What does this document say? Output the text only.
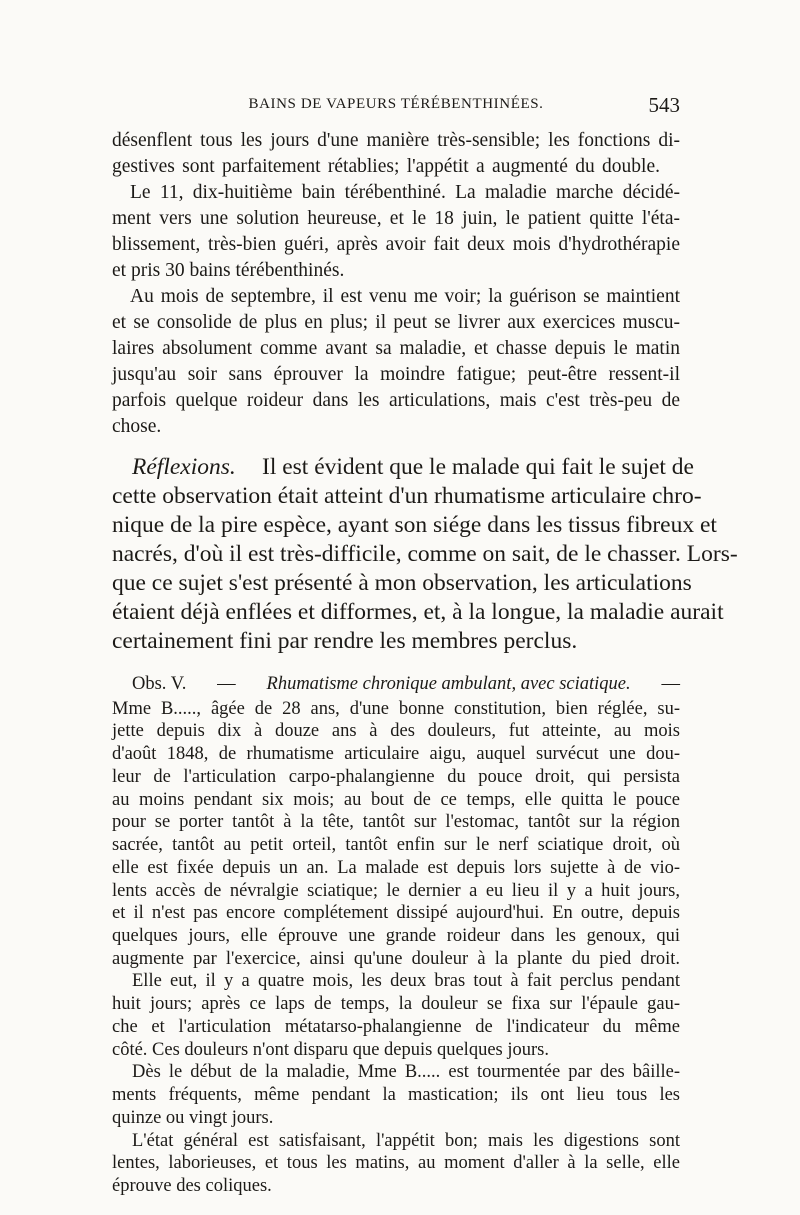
BAINS DE VAPEURS TÉRÉBENTHINÉES.	543
désenflent tous les jours d'une manière très-sensible; les fonctions di-
gestives sont parfaitement rétablies; l'appétit a augmenté du double.
Le 11, dix-huitième bain térébenthiné. La maladie marche décidé-
ment vers une solution heureuse, et le 18 juin, le patient quitte l'éta-
blissement, très-bien guéri, après avoir fait deux mois d'hydrothérapie
et pris 30 bains térébenthinés.
Au mois de septembre, il est venu me voir; la guérison se maintient
et se consolide de plus en plus; il peut se livrer aux exercices muscu-
laires absolument comme avant sa maladie, et chasse depuis le matin
jusqu'au soir sans éprouver la moindre fatigue; peut-être ressent-il
parfois quelque roideur dans les articulations, mais c'est très-peu de
chose.
Réflexions. Il est évident que le malade qui fait le sujet de
cette observation était atteint d'un rhumatisme articulaire chro-
nique de la pire espèce, ayant son siége dans les tissus fibreux et
nacrés, d'où il est très-difficile, comme on sait, de le chasser. Lors-
que ce sujet s'est présenté à mon observation, les articulations
étaient déjà enflées et difformes, et, à la longue, la maladie aurait
certainement fini par rendre les membres perclus.
Obs. V. — Rhumatisme chronique ambulant, avec sciatique. —
Mme B....., âgée de 28 ans, d'une bonne constitution, bien réglée, su-
jette depuis dix à douze ans à des douleurs, fut atteinte, au mois
d'août 1848, de rhumatisme articulaire aigu, auquel survécut une dou-
leur de l'articulation carpo-phalangienne du pouce droit, qui persista
au moins pendant six mois; au bout de ce temps, elle quitta le pouce
pour se porter tantôt à la tête, tantôt sur l'estomac, tantôt sur la région
sacrée, tantôt au petit orteil, tantôt enfin sur le nerf sciatique droit, où
elle est fixée depuis un an. La malade est depuis lors sujette à de vio-
lents accès de névralgie sciatique; le dernier a eu lieu il y a huit jours,
et il n'est pas encore complétement dissipé aujourd'hui. En outre, depuis
quelques jours, elle éprouve une grande roideur dans les genoux, qui
augmente par l'exercice, ainsi qu'une douleur à la plante du pied droit.
Elle eut, il y a quatre mois, les deux bras tout à fait perclus pendant
huit jours; après ce laps de temps, la douleur se fixa sur l'épaule gau-
che et l'articulation métatarso-phalangienne de l'indicateur du même
côté. Ces douleurs n'ont disparu que depuis quelques jours.
Dès le début de la maladie, Mme B..... est tourmentée par des bâille-
ments fréquents, même pendant la mastication; ils ont lieu tous les
quinze ou vingt jours.
L'état général est satisfaisant, l'appétit bon; mais les digestions sont
lentes, laborieuses, et tous les matins, au moment d'aller à la selle, elle
éprouve des coliques.
